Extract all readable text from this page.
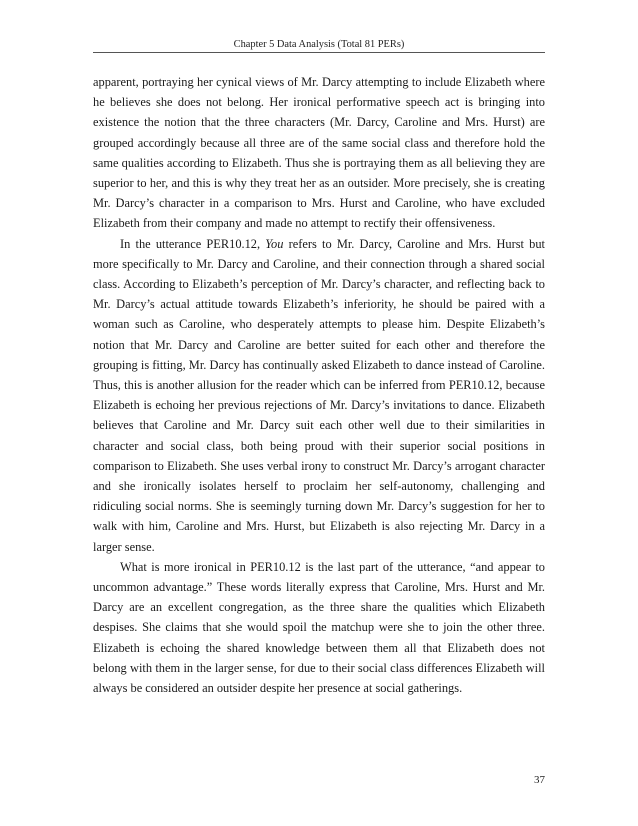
Chapter 5 Data Analysis (Total 81 PERs)

apparent, portraying her cynical views of Mr. Darcy attempting to include Elizabeth where he believes she does not belong. Her ironical performative speech act is bringing into existence the notion that the three characters (Mr. Darcy, Caroline and Mrs. Hurst) are grouped accordingly because all three are of the same social class and therefore hold the same qualities according to Elizabeth. Thus she is portraying them as all believing they are superior to her, and this is why they treat her as an outsider. More precisely, she is creating Mr. Darcy’s character in a comparison to Mrs. Hurst and Caroline, who have excluded Elizabeth from their company and made no attempt to rectify their offensiveness.

In the utterance PER10.12, You refers to Mr. Darcy, Caroline and Mrs. Hurst but more specifically to Mr. Darcy and Caroline, and their connection through a shared social class. According to Elizabeth’s perception of Mr. Darcy’s character, and reflecting back to Mr. Darcy’s actual attitude towards Elizabeth’s inferiority, he should be paired with a woman such as Caroline, who desperately attempts to please him. Despite Elizabeth’s notion that Mr. Darcy and Caroline are better suited for each other and therefore the grouping is fitting, Mr. Darcy has continually asked Elizabeth to dance instead of Caroline. Thus, this is another allusion for the reader which can be inferred from PER10.12, because Elizabeth is echoing her previous rejections of Mr. Darcy’s invitations to dance. Elizabeth believes that Caroline and Mr. Darcy suit each other well due to their similarities in character and social class, both being proud with their superior social positions in comparison to Elizabeth. She uses verbal irony to construct Mr. Darcy’s arrogant character and she ironically isolates herself to proclaim her self-autonomy, challenging and ridiculing social norms. She is seemingly turning down Mr. Darcy’s suggestion for her to walk with him, Caroline and Mrs. Hurst, but Elizabeth is also rejecting Mr. Darcy in a larger sense.

What is more ironical in PER10.12 is the last part of the utterance, “and appear to uncommon advantage.” These words literally express that Caroline, Mrs. Hurst and Mr. Darcy are an excellent congregation, as the three share the qualities which Elizabeth despises. She claims that she would spoil the matchup were she to join the other three. Elizabeth is echoing the shared knowledge between them all that Elizabeth does not belong with them in the larger sense, for due to their social class differences Elizabeth will always be considered an outsider despite her presence at social gatherings.

37
